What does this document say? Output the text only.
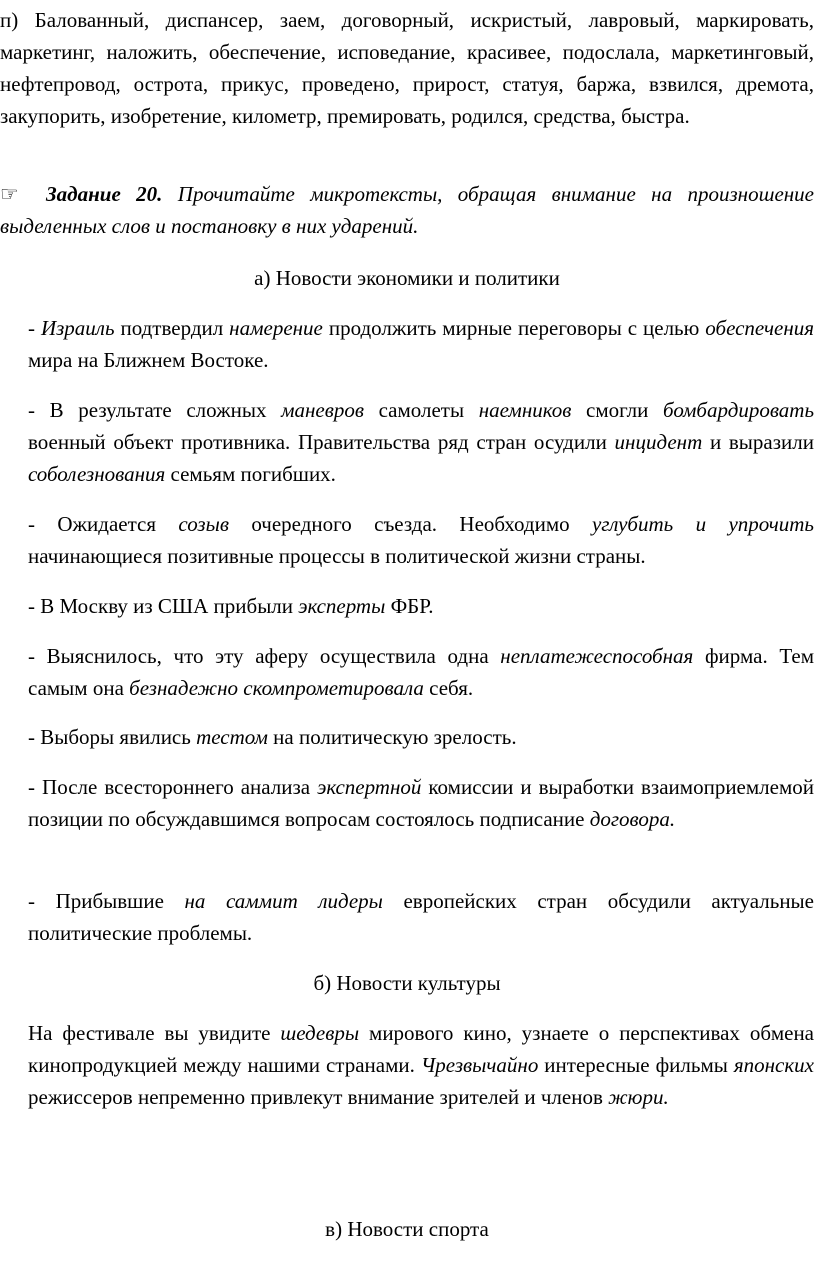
п) Балованный, диспансер, заем, договорный, искристый, лавровый, маркировать, маркетинг, наложить, обеспечение, исповедание, красивее, подослала, маркетинговый, нефтепровод, острота, прикус, проведено, прирост, статуя, баржа, взвился, дремота, закупорить, изобретение, километр, премировать, родился, средства, быстра.
☞ Задание 20. Прочитайте микротексты, обращая внимание на произношение выделенных слов и постановку в них ударений.
а) Новости экономики и политики
- Израиль подтвердил намерение продолжить мирные переговоры с целью обеспечения мира на Ближнем Востоке.
- В результате сложных маневров самолеты наемников смогли бомбардировать военный объект противника. Правительства ряд стран осудили инцидент и выразили соболезнования семьям погибших.
- Ожидается созыв очередного съезда. Необходимо углубить и упрочить начинающиеся позитивные процессы в политической жизни страны.
- В Москву из США прибыли эксперты ФБР.
- Выяснилось, что эту аферу осуществила одна неплатежеспособная фирма. Тем самым она безнадежно скомпрометировала себя.
- Выборы явились тестом на политическую зрелость.
- После всестороннего анализа экспертной комиссии и выработки взаимоприемлемой позиции по обсуждавшимся вопросам состоялось подписание договора.
- Прибывшие на саммит лидеры европейских стран обсудили актуальные политические проблемы.
б) Новости культуры
На фестивале вы увидите шедевры мирового кино, узнаете о перспективах обмена кинопродукцией между нашими странами. Чрезвычайно интересные фильмы японских режиссеров непременно привлекут внимание зрителей и членов жюри.
в) Новости спорта
